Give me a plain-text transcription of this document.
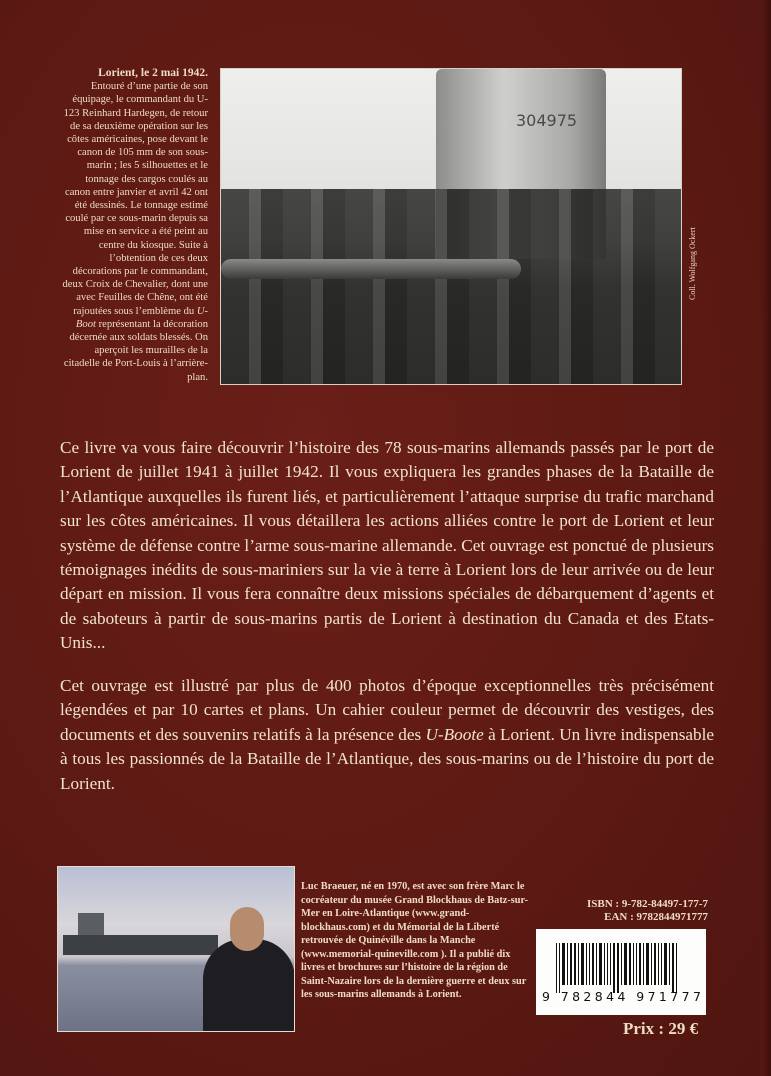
Lorient, le 2 mai 1942.
Entouré d’une partie de son équipage, le commandant du U-123 Reinhard Hardegen, de retour de sa deuxième opération sur les côtes américaines, pose devant le canon de 105 mm de son sous-marin ; les 5 silhouettes et le tonnage des cargos coulés au canon entre janvier et avril 42 ont été dessinés. Le tonnage estimé coulé par ce sous-marin depuis sa mise en service a été peint au centre du kiosque. Suite à l’obtention de ces deux décorations par le commandant, deux Croix de Chevalier, dont une avec Feuilles de Chêne, ont été rajoutées sous l’emblème du U-Boot représentant la décoration décernée aux soldats blessés. On aperçoit les murailles de la citadelle de Port-Louis à l’arrière-plan.
304975
Coll. Wolfgang Ockert
Ce livre va vous faire découvrir l’histoire des 78 sous-marins allemands passés par le port de Lorient de juillet 1941 à juillet 1942. Il vous expliquera les grandes phases de la Bataille de l’Atlantique auxquelles ils furent liés, et particulièrement l’attaque surprise du trafic marchand sur les côtes américaines. Il vous détaillera les actions alliées contre le port de Lorient et leur système de défense contre l’arme sous-marine allemande. Cet ouvrage est ponctué de plusieurs témoignages inédits de sous-mariniers sur la vie à terre à Lorient lors de leur arrivée ou de leur départ en mission. Il vous fera connaître deux missions spéciales de débarquement d’agents et de saboteurs à partir de sous-marins partis de Lorient à destination du Canada et des Etats-Unis...
Cet ouvrage est illustré par plus de 400 photos d’époque exceptionnelles très précisément légendées et par 10 cartes et plans. Un cahier couleur permet de découvrir des vestiges, des documents et des souvenirs relatifs à la présence des U-Boote à Lorient. Un livre indispensable à tous les passionnés de la Bataille de l’Atlantique, des sous-marins ou de l’histoire du port de Lorient.
Luc Braeuer, né en 1970, est avec son frère Marc le cocréateur du musée Grand Blockhaus de Batz-sur-Mer en Loire-Atlantique (www.grand-blockhaus.com) et du Mémorial de la Liberté retrouvée de Quinéville dans la Manche (www.memorial-quineville.com ). Il a publié dix livres et brochures sur l’histoire de la région de Saint-Nazaire lors de la dernière guerre et deux sur les sous-marins allemands à Lorient.
ISBN : 9-782-84497-177-7
EAN : 9782844971777
9 782844 971777
Prix : 29 €
